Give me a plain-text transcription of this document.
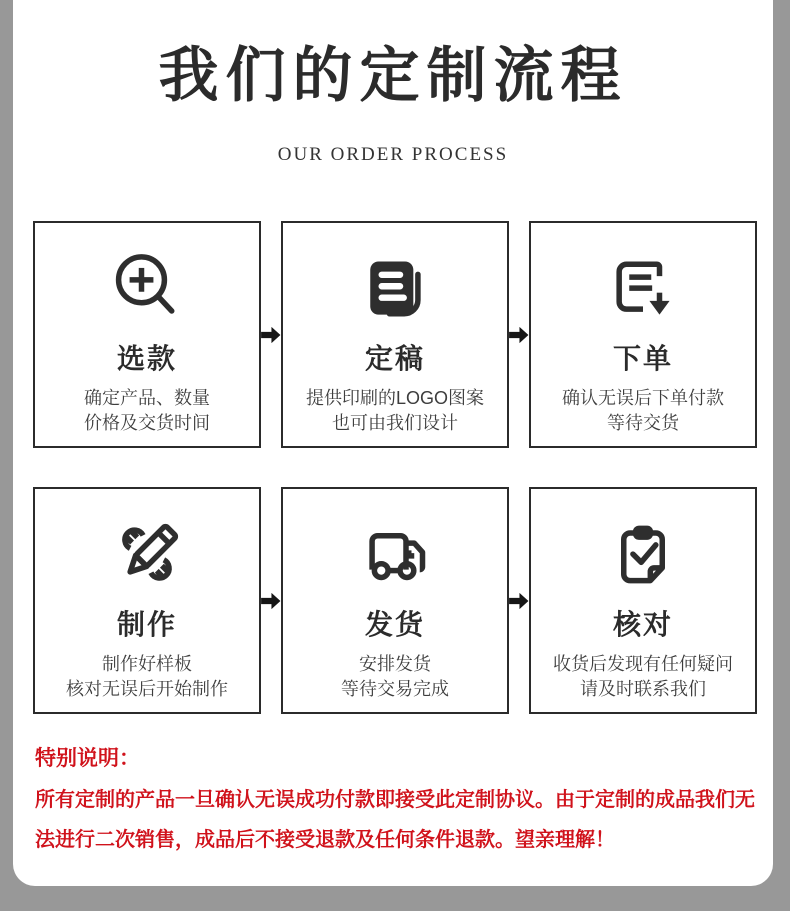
我们的定制流程
OUR ORDER PROCESS
选款
确定产品、数量
价格及交货时间
定稿
提供印刷的LOGO图案
也可由我们设计
下单
确认无误后下单付款
等待交货
制作
制作好样板
核对无误后开始制作
发货
安排发货
等待交易完成
核对
收货后发现有任何疑问
请及时联系我们
特别说明：

所有定制的产品一旦确认无误成功付款即接受此定制协议。由于定制的成品我们无法进行二次销售，成品后不接受退款及任何条件退款。望亲理解！
